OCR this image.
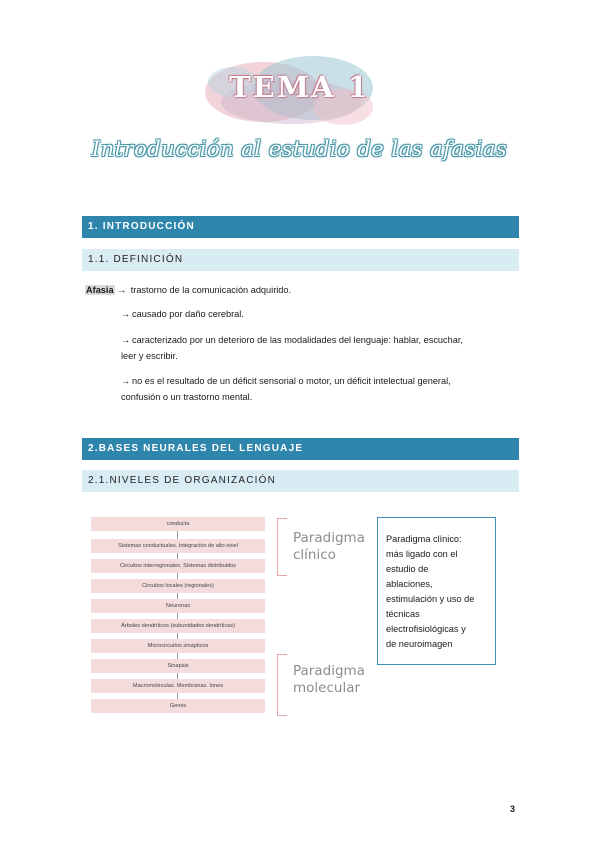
TEMA 1
Introducción al estudio de las afasias
1. INTRODUCCIÓN
1.1. DEFINICIÓN
Afasia → trastorno de la comunicación adquirido.
→ causado por daño cerebral.
→ caracterizado por un deterioro de las modalidades del lenguaje: hablar, escuchar,
leer y escribir.
→ no es el resultado de un déficit sensorial o motor, un déficit intelectual general,
confusión o un trastorno mental.
2.BASES NEURALES DEL LENGUAJE
2.1.NIVELES DE ORGANIZACIÓN
conducta
Sistemas conductuales. Integración de alto nivel
Circuitos interregionales. Sistemas distribuidos
Circuitos locales (regionales)
Neuronas
Árboles dendríticos (subunidades dendríticas)
Microcircuitos sinápticos
Sinapsis
Macromoléculas. Membranas. Iones
Genes
Paradigma
clínico
Paradigma
molecular
Paradigma clínico:
más ligado con el
estudio de
ablaciones,
estimulación y uso de
técnicas
electrofisiológicas y
de neuroimagen
3
